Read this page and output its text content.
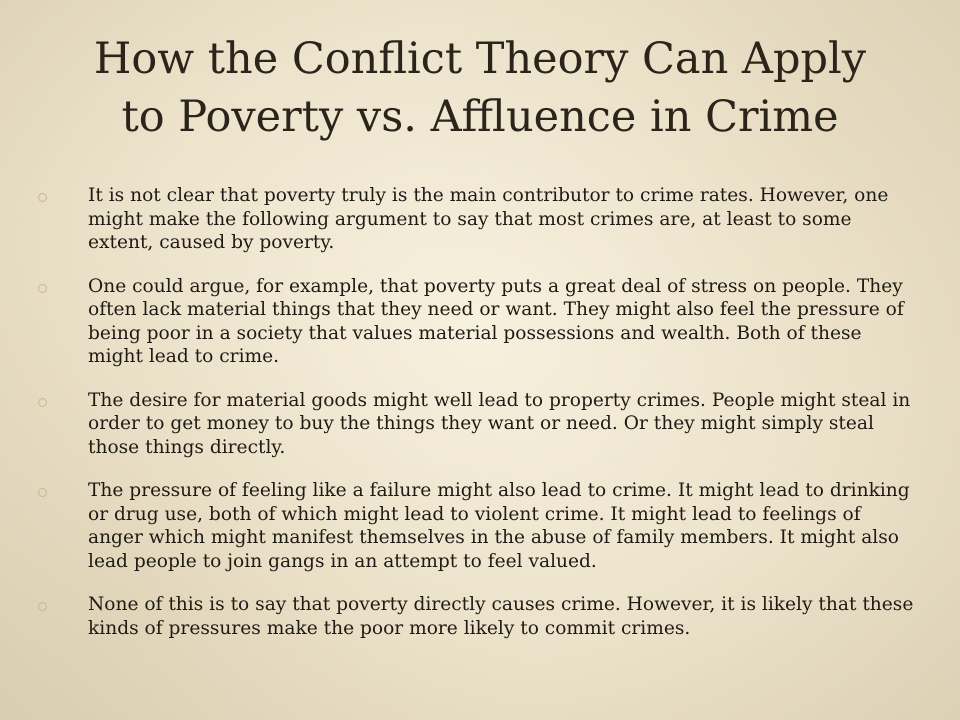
How the Conflict Theory Can Apply
to Poverty vs. Affluence in Crime
It is not clear that poverty truly is the main contributor to crime rates. However, one might make the following argument to say that most crimes are, at least to some extent, caused by poverty.
One could argue, for example, that poverty puts a great deal of stress on people. They often lack material things that they need or want. They might also feel the pressure of being poor in a society that values material possessions and wealth. Both of these might lead to crime.
The desire for material goods might well lead to property crimes. People might steal in order to get money to buy the things they want or need. Or they might simply steal those things directly.
The pressure of feeling like a failure might also lead to crime. It might lead to drinking or drug use, both of which might lead to violent crime. It might lead to feelings of anger which might manifest themselves in the abuse of family members. It might also lead people to join gangs in an attempt to feel valued.
None of this is to say that poverty directly causes crime. However, it is likely that these kinds of pressures make the poor more likely to commit crimes.
